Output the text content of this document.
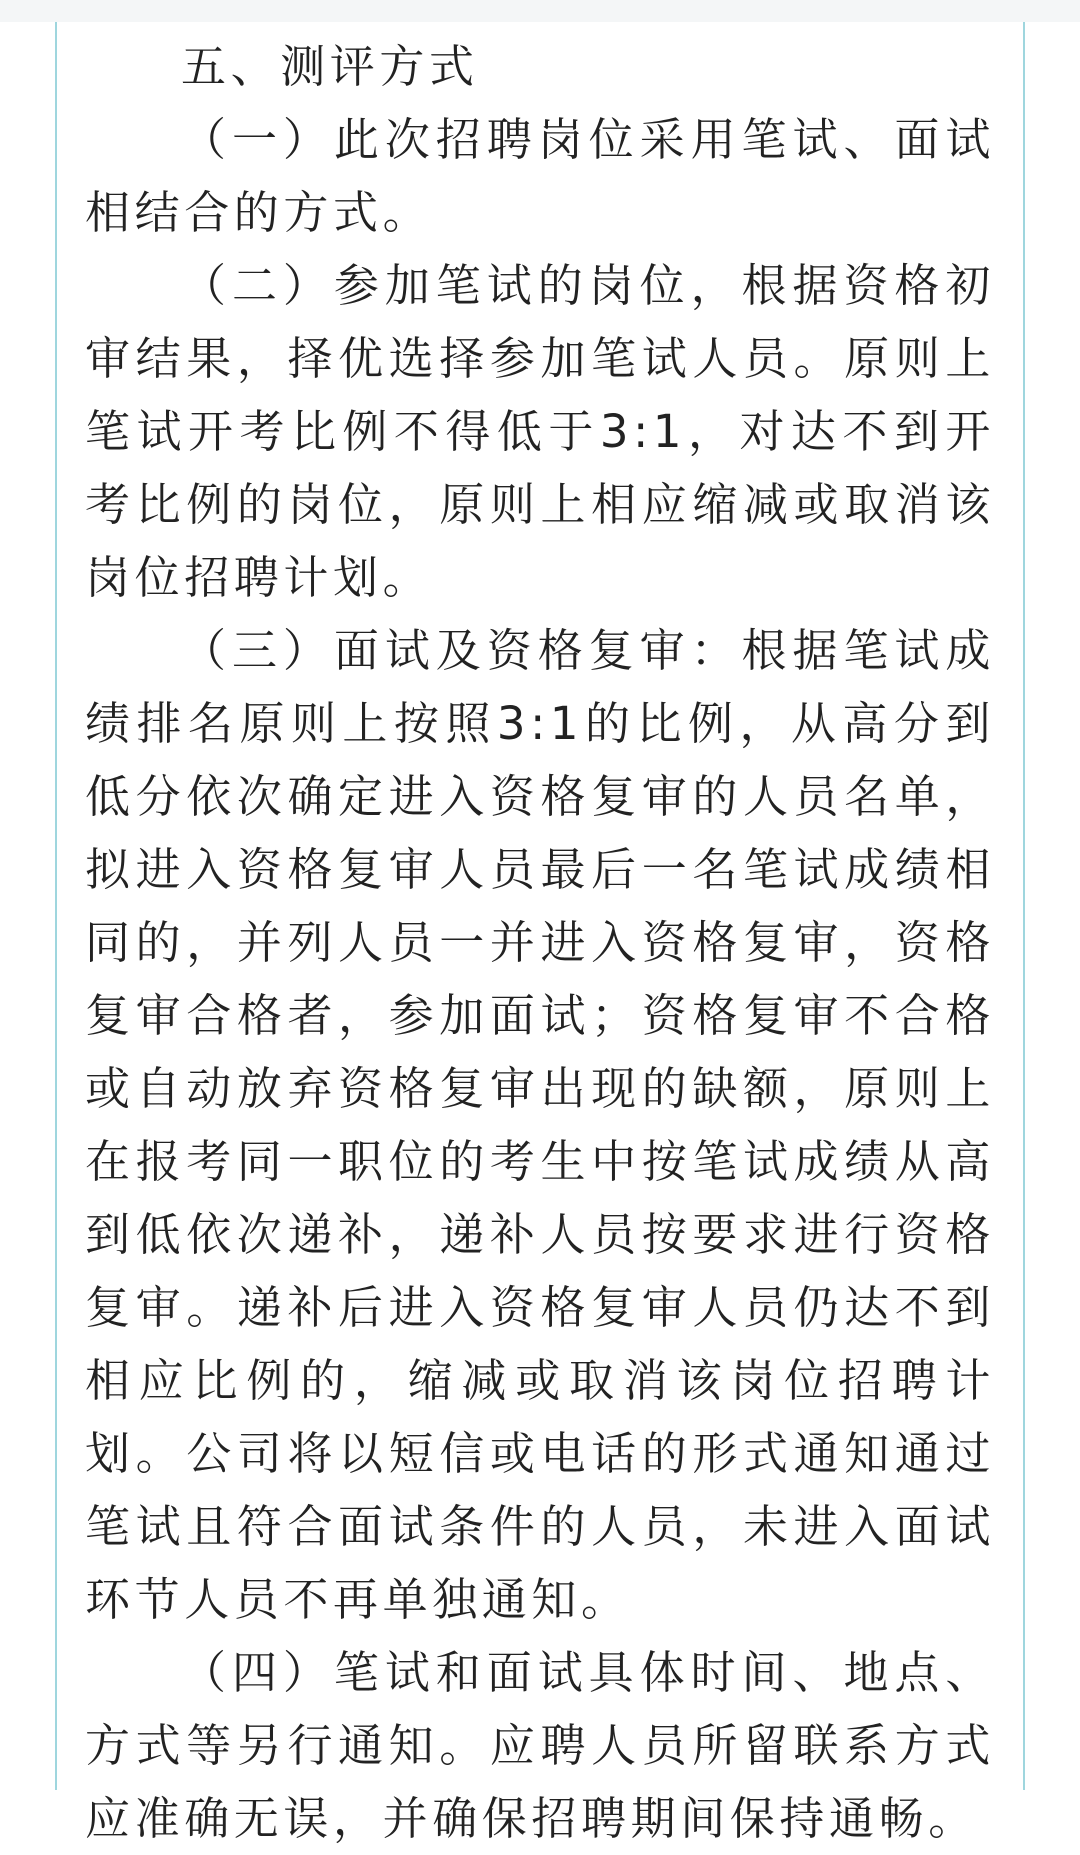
五、测评方式

（一）此次招聘岗位采用笔试、面试相结合的方式。

（二）参加笔试的岗位，根据资格初审结果，择优选择参加笔试人员。原则上笔试开考比例不得低于3:1，对达不到开考比例的岗位，原则上相应缩减或取消该岗位招聘计划。

（三）面试及资格复审：根据笔试成绩排名原则上按照3:1的比例，从高分到低分依次确定进入资格复审的人员名单，拟进入资格复审人员最后一名笔试成绩相同的，并列人员一并进入资格复审，资格复审合格者，参加面试；资格复审不合格或自动放弃资格复审出现的缺额，原则上在报考同一职位的考生中按笔试成绩从高到低依次递补，递补人员按要求进行资格复审。递补后进入资格复审人员仍达不到相应比例的，缩减或取消该岗位招聘计划。公司将以短信或电话的形式通知通过笔试且符合面试条件的人员，未进入面试环节人员不再单独通知。

（四）笔试和面试具体时间、地点、方式等另行通知。应聘人员所留联系方式应准确无误，并确保招聘期间保持通畅。
